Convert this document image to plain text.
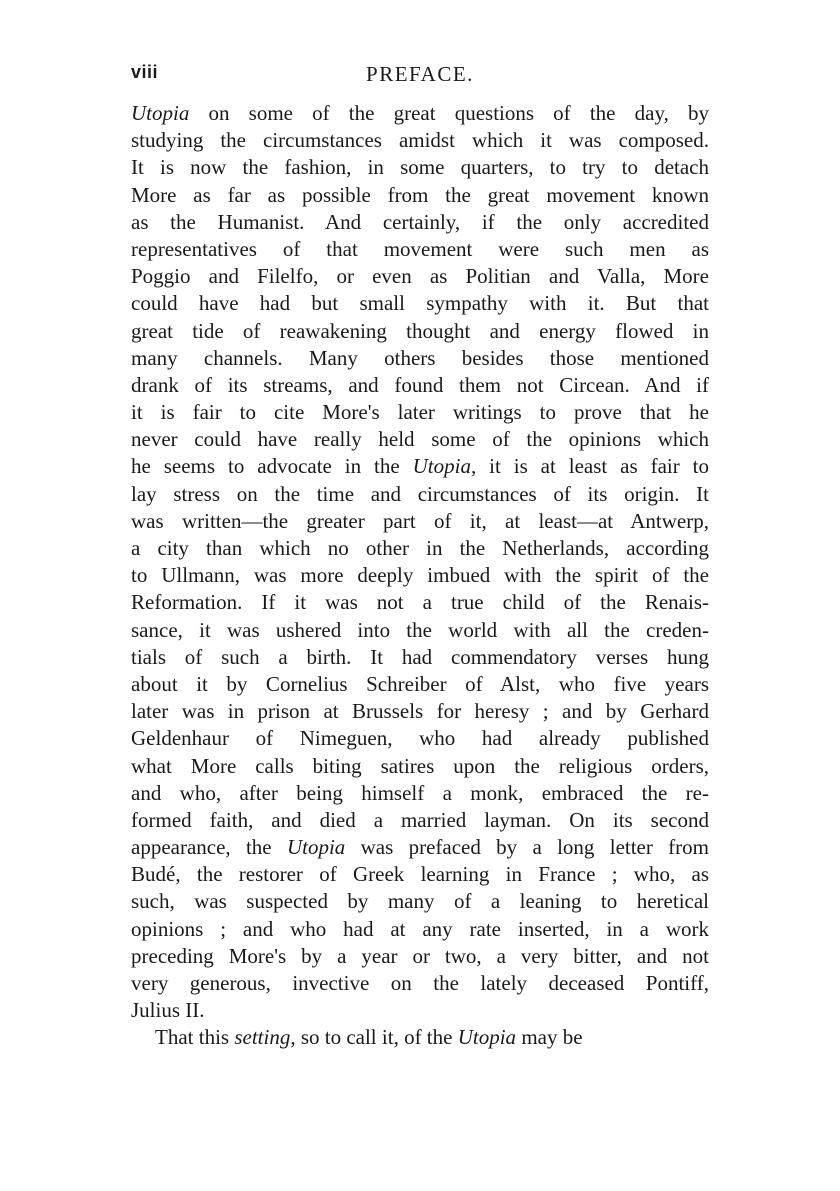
viii	PREFACE.
Utopia on some of the great questions of the day, by
studying the circumstances amidst which it was composed.
It is now the fashion, in some quarters, to try to detach
More as far as possible from the great movement known
as the Humanist. And certainly, if the only accredited
representatives of that movement were such men as
Poggio and Filelfo, or even as Politian and Valla, More
could have had but small sympathy with it. But that
great tide of reawakening thought and energy flowed in
many channels. Many others besides those mentioned
drank of its streams, and found them not Circean. And if
it is fair to cite More's later writings to prove that he
never could have really held some of the opinions which
he seems to advocate in the Utopia, it is at least as fair to
lay stress on the time and circumstances of its origin. It
was written—the greater part of it, at least—at Antwerp,
a city than which no other in the Netherlands, according
to Ullmann, was more deeply imbued with the spirit of the
Reformation. If it was not a true child of the Renais-
sance, it was ushered into the world with all the creden-
tials of such a birth. It had commendatory verses hung
about it by Cornelius Schreiber of Alst, who five years
later was in prison at Brussels for heresy ; and by Gerhard
Geldenhaur of Nimeguen, who had already published
what More calls biting satires upon the religious orders,
and who, after being himself a monk, embraced the re-
formed faith, and died a married layman. On its second
appearance, the Utopia was prefaced by a long letter from
Budé, the restorer of Greek learning in France ; who, as
such, was suspected by many of a leaning to heretical
opinions ; and who had at any rate inserted, in a work
preceding More's by a year or two, a very bitter, and not
very generous, invective on the lately deceased Pontiff,
Julius II.
That this setting, so to call it, of the Utopia may be
